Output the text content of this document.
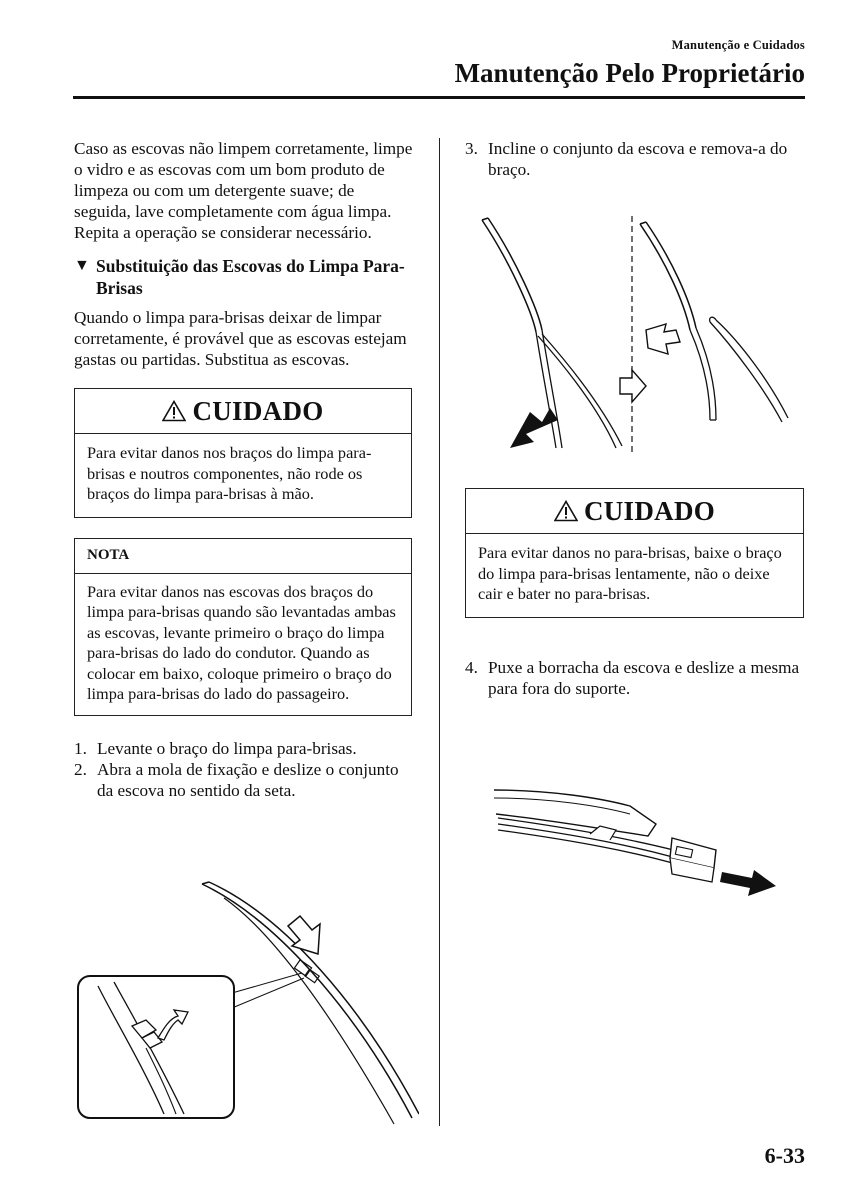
Manutenção e Cuidados
Manutenção Pelo Proprietário

Caso as escovas não limpem corretamente, limpe o vidro e as escovas com um bom produto de limpeza ou com um detergente suave; de seguida, lave completamente com água limpa. Repita a operação se considerar necessário.

▼ Substituição das Escovas do Limpa Para-Brisas

Quando o limpa para-brisas deixar de limpar corretamente, é provável que as escovas estejam gastas ou partidas. Substitua as escovas.

CUIDADO
Para evitar danos nos braços do limpa para-brisas e noutros componentes, não rode os braços do limpa para-brisas à mão.
NOTA
Para evitar danos nas escovas dos braços do limpa para-brisas quando são levantadas ambas as escovas, levante primeiro o braço do limpa para-brisas do lado do condutor. Quando as colocar em baixo, coloque primeiro o braço do limpa para-brisas do lado do passageiro.
1. Levante o braço do limpa para-brisas.
2. Abra a mola de fixação e deslize o conjunto da escova no sentido da seta.
3. Incline o conjunto da escova e remova-a do braço.
CUIDADO
Para evitar danos no para-brisas, baixe o braço do limpa para-brisas lentamente, não o deixe cair e bater no para-brisas.
4. Puxe a borracha da escova e deslize a mesma para fora do suporte.
6-33
